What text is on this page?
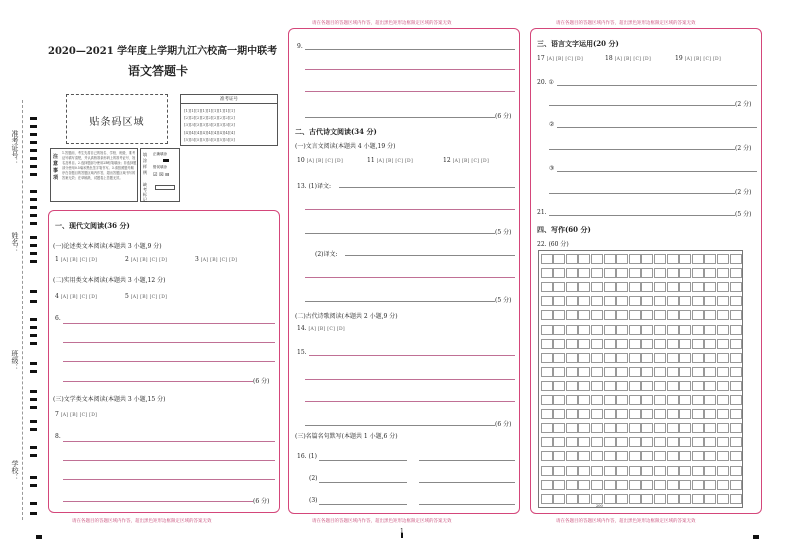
准考证号：
姓名：
班级：
学校：
2020—2021 学年度上学期九江六校高一期中联考
语文答题卡
贴条码区域
准考证号
[1][1][1][1][1][1][1][1][1]
[2][2][2][2][2][2][2][2][2]
[3][3][3][3][3][3][3][3][3]
[4][4][4][4][4][4][4][4][4]
[5][5][5][5][5][5][5][5][5]
注意事项
1.答题前，考生先将自己的姓名、学校、班级、准考证号填写清楚，并认真核准条形码上的准考证号、姓名及科目。2.选择题部分使用2B铅笔填涂；非选择题部分使用0.5毫米黑色签字笔书写。3.请按照题号顺序在各题目的答题区域内作答，超出答题区域书写的答案无效；在草稿纸、试题卷上答题无效。
填涂样例
正确填涂
错误填涂
☑ ☒ ⊟
缺考标记
一、现代文阅读(36 分)
(一)论述类文本阅读(本题共 3 小题,9 分)
1 [A] [B] [C] [D]	2 [A] [B] [C] [D]	3 [A] [B] [C] [D]
(二)实用类文本阅读(本题共 3 小题,12 分)
4 [A] [B] [C] [D]	5 [A] [B] [C] [D]
6.
(6 分)
(三)文学类文本阅读(本题共 3 小题,15 分)
7 [A] [B] [C] [D]
8.
(6 分)
请在各题目的答题区域内作答，超出黑色矩形边框限定区域的答案无效
请在各题目的答题区域内作答，超出黑色矩形边框限定区域的答案无效
9.
(6 分)
二、古代诗文阅读(34 分)
(一)文言文阅读(本题共 4 小题,19 分)
10 [A] [B] [C] [D]	11 [A] [B] [C] [D]	12 [A] [B] [C] [D]
13. (1)译文:
(5 分)
(2)译文:
(5 分)
(二)古代诗歌阅读(本题共 2 小题,9 分)
14. [A] [B] [C] [D]
15.
(6 分)
(三)名篇名句默写(本题共 1 小题,6 分)
16. (1)
(2)
(3)
请在各题目的答题区域内作答，超出黑色矩形边框限定区域的答案无效
请在各题目的答题区域内作答，超出黑色矩形边框限定区域的答案无效
三、语言文字运用(20 分)
17 [A] [B] [C] [D]	18 [A] [B] [C] [D]	19 [A] [B] [C] [D]
20. ①
(2 分)
②
(2 分)
③
(2 分)
21.	(5 分)
四、写作(60 分)
22. (60 分)
200
请在各题目的答题区域内作答，超出黑色矩形边框限定区域的答案无效
1
